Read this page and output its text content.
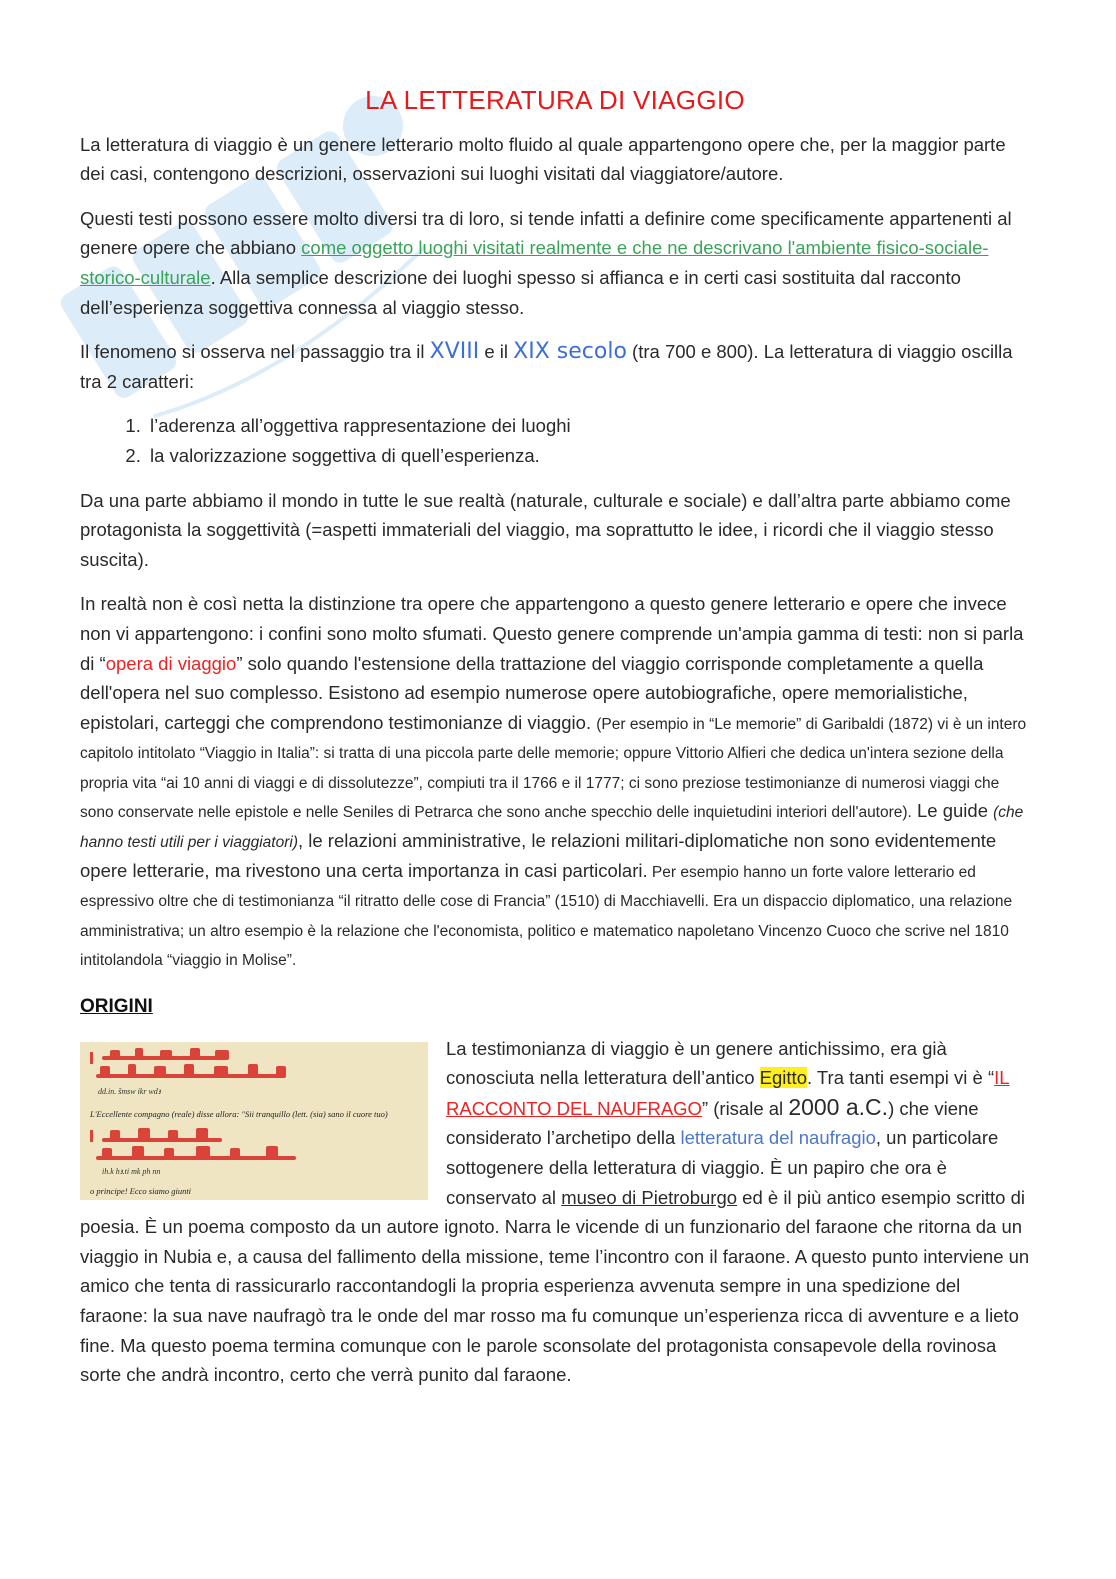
LA LETTERATURA DI VIAGGIO

La letteratura di viaggio è un genere letterario molto fluido al quale appartengono opere che, per la maggior parte dei casi, contengono descrizioni, osservazioni sui luoghi visitati dal viaggiatore/autore.

Questi testi possono essere molto diversi tra di loro, si tende infatti a definire come specificamente appartenenti al genere opere che abbiano come oggetto luoghi visitati realmente e che ne descrivano l'ambiente fisico-sociale-storico-culturale. Alla semplice descrizione dei luoghi spesso si affianca e in certi casi sostituita dal racconto dell’esperienza soggettiva connessa al viaggio stesso.

Il fenomeno si osserva nel passaggio tra il XVIII e il XIX secolo (tra 700 e 800). La letteratura di viaggio oscilla tra 2 caratteri:

1. l’aderenza all’oggettiva rappresentazione dei luoghi
2. la valorizzazione soggettiva di quell’esperienza.

Da una parte abbiamo il mondo in tutte le sue realtà (naturale, culturale e sociale) e dall’altra parte abbiamo come protagonista la soggettività (=aspetti immateriali del viaggio, ma soprattutto le idee, i ricordi che il viaggio stesso suscita).

In realtà non è così netta la distinzione tra opere che appartengono a questo genere letterario e opere che invece non vi appartengono: i confini sono molto sfumati. Questo genere comprende un'ampia gamma di testi: non si parla di “opera di viaggio” solo quando l'estensione della trattazione del viaggio corrisponde completamente a quella dell'opera nel suo complesso. Esistono ad esempio numerose opere autobiografiche, opere memorialistiche, epistolari, carteggi che comprendono testimonianze di viaggio. (Per esempio in “Le memorie” di Garibaldi (1872) vi è un intero capitolo intitolato “Viaggio in Italia”: si tratta di una piccola parte delle memorie; oppure Vittorio Alfieri che dedica un'intera sezione della propria vita “ai 10 anni di viaggi e di dissolutezze”, compiuti tra il 1766 e il 1777; ci sono preziose testimonianze di numerosi viaggi che sono conservate nelle epistole e nelle Seniles di Petrarca che sono anche specchio delle inquietudini interiori dell'autore). Le guide (che hanno testi utili per i viaggiatori), le relazioni amministrative, le relazioni militari-diplomatiche non sono evidentemente opere letterarie, ma rivestono una certa importanza in casi particolari. Per esempio hanno un forte valore letterario ed espressivo oltre che di testimonianza “il ritratto delle cose di Francia” (1510) di Macchiavelli. Era un dispaccio diplomatico, una relazione amministrativa; un altro esempio è la relazione che l'economista, politico e matematico napoletano Vincenzo Cuoco che scrive nel 1810 intitolandola “viaggio in Molise”.

ORIGINI
dd.in. šmsw ikr wdꜣ
L'Eccellente compagno (reale) disse allora: "Sii tranquillo (lett. (sia) sano il cuore tuo)
ih.k hꜣ.ti mk ph nn
o principe! Ecco siamo giunti

La testimonianza di viaggio è un genere antichissimo, era già conosciuta nella letteratura dell’antico Egitto. Tra tanti esempi vi è “IL RACCONTO DEL NAUFRAGO” (risale al 2000 a.C.) che viene considerato l’archetipo della letteratura del naufragio, un particolare sottogenere della letteratura di viaggio. È un papiro che ora è conservato al museo di Pietroburgo ed è il più antico esempio scritto di poesia. È un poema composto da un autore ignoto. Narra le vicende di un funzionario del faraone che ritorna da un viaggio in Nubia e, a causa del fallimento della missione, teme l’incontro con il faraone. A questo punto interviene un amico che tenta di rassicurarlo raccontandogli la propria esperienza avvenuta sempre in una spedizione del faraone: la sua nave naufragò tra le onde del mar rosso ma fu comunque un’esperienza ricca di avventure e a lieto fine. Ma questo poema termina comunque con le parole sconsolate del protagonista consapevole della rovinosa sorte che andrà incontro, certo che verrà punito dal faraone.
